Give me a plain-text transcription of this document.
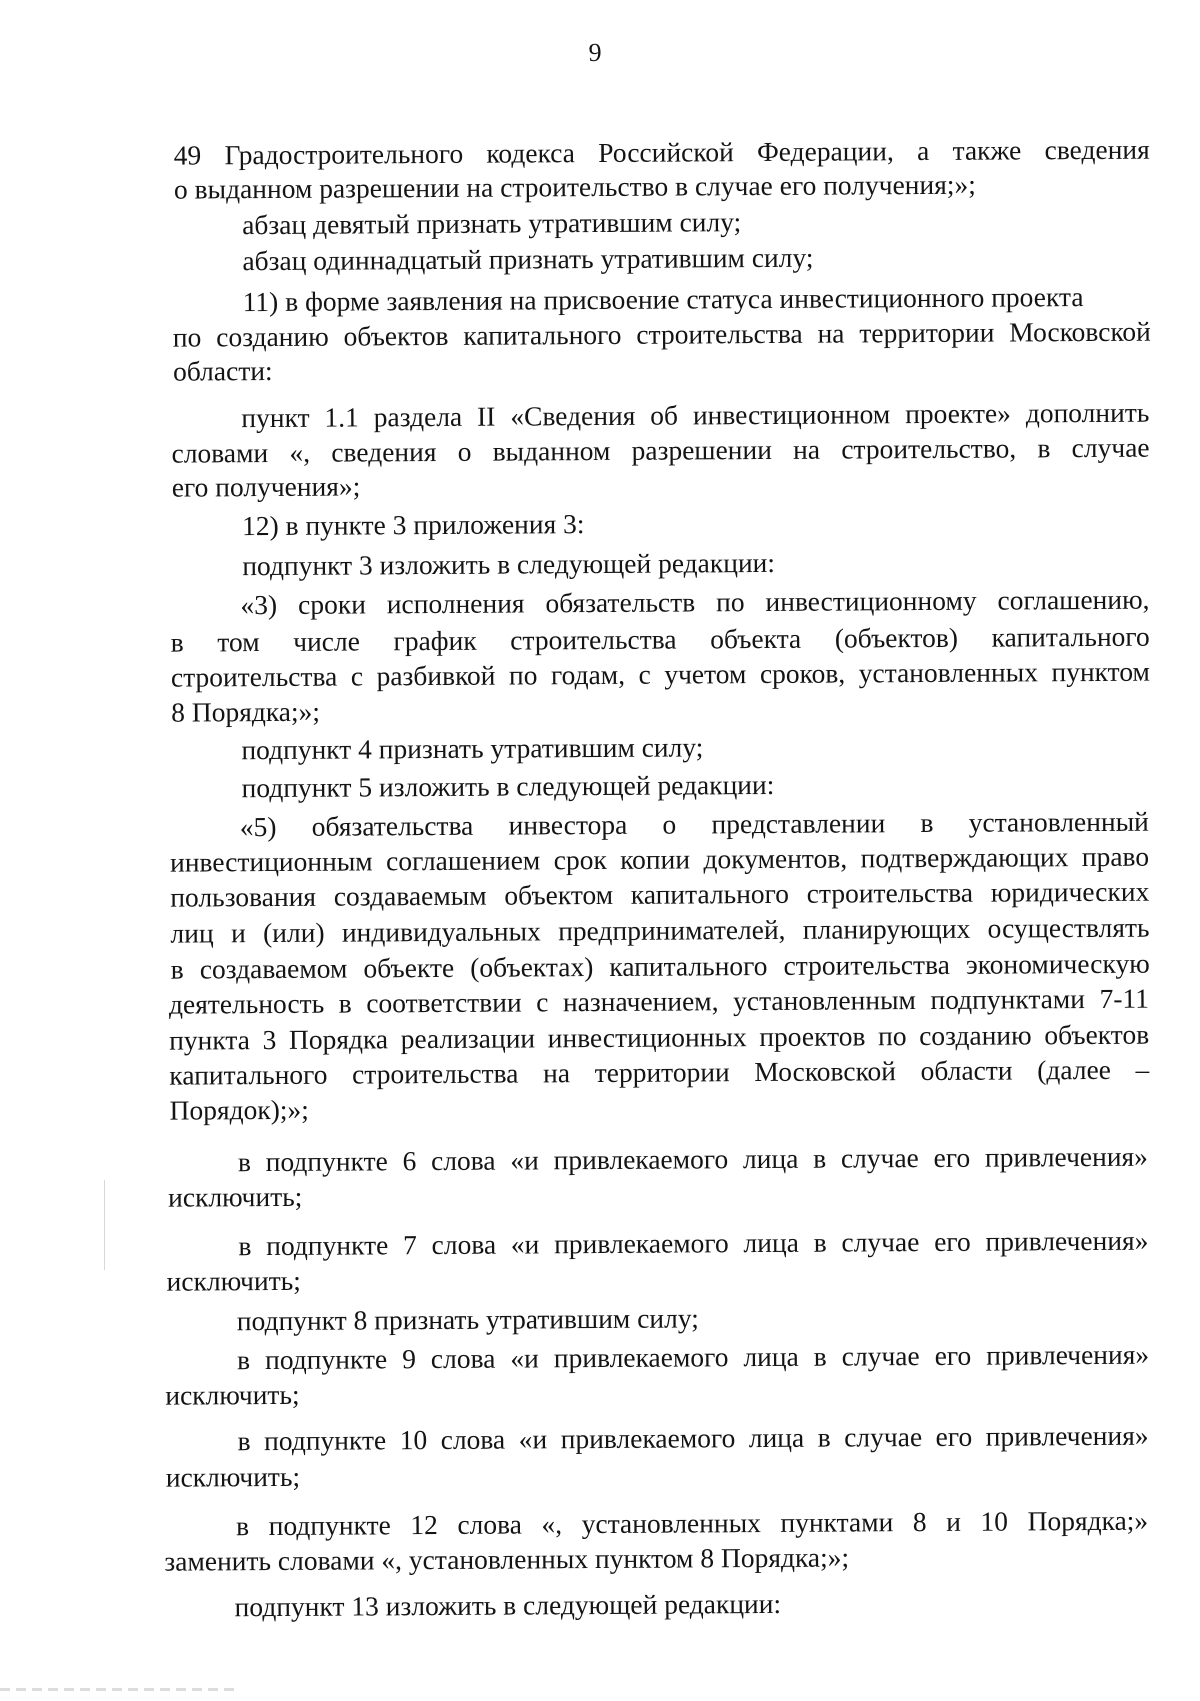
9
49 Градостроительного кодекса Российской Федерации, а также сведения
о выданном разрешении на строительство в случае его получения;»;
абзац девятый признать утратившим силу;
абзац одиннадцатый признать утратившим силу;
11) в форме заявления на присвоение статуса инвестиционного проекта
по созданию объектов капитального строительства на территории Московской
области:
пункт 1.1 раздела II «Сведения об инвестиционном проекте» дополнить
словами «, сведения о выданном разрешении на строительство, в случае
его получения»;
12) в пункте 3 приложения 3:
подпункт 3 изложить в следующей редакции:
«3) сроки исполнения обязательств по инвестиционному соглашению,
в том числе график строительства объекта (объектов) капитального
строительства с разбивкой по годам, с учетом сроков, установленных пунктом
8 Порядка;»;
подпункт 4 признать утратившим силу;
подпункт 5 изложить в следующей редакции:
«5) обязательства инвестора о представлении в установленный
инвестиционным соглашением срок копии документов, подтверждающих право
пользования создаваемым объектом капитального строительства юридических
лиц и (или) индивидуальных предпринимателей, планирующих осуществлять
в создаваемом объекте (объектах) капитального строительства экономическую
деятельность в соответствии с назначением, установленным подпунктами 7-11
пункта 3 Порядка реализации инвестиционных проектов по созданию объектов
капитального строительства на территории Московской области (далее –
Порядок);»;
в подпункте 6 слова «и привлекаемого лица в случае его привлечения»
исключить;
в подпункте 7 слова «и привлекаемого лица в случае его привлечения»
исключить;
подпункт 8 признать утратившим силу;
в подпункте 9 слова «и привлекаемого лица в случае его привлечения»
исключить;
в подпункте 10 слова «и привлекаемого лица в случае его привлечения»
исключить;
в подпункте 12 слова «, установленных пунктами 8 и 10 Порядка;»
заменить словами «, установленных пунктом 8 Порядка;»;
подпункт 13 изложить в следующей редакции:
